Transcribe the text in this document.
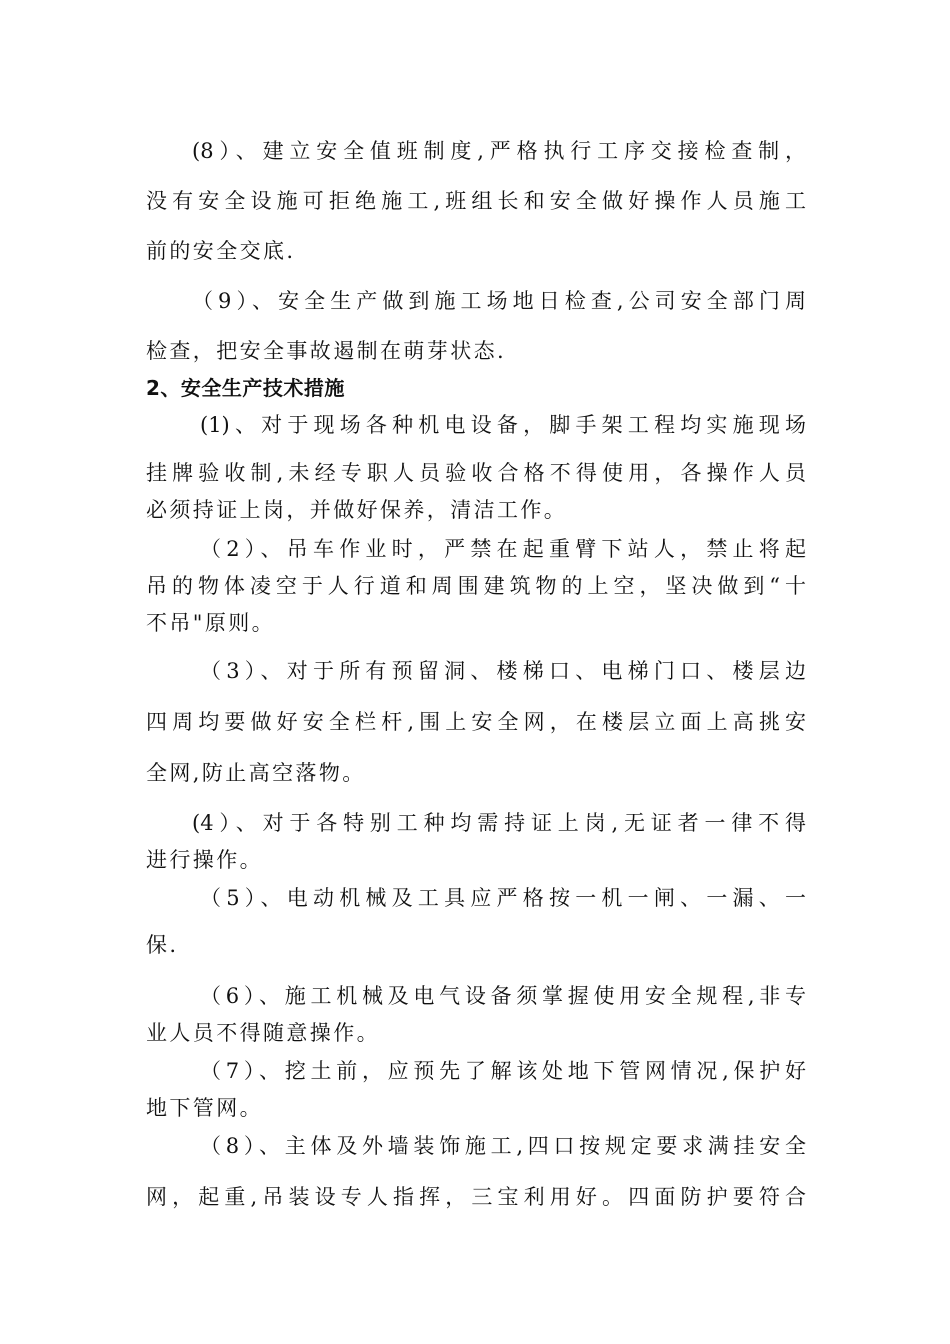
(8）、建立安全值班制度,严格执行工序交接检查制，
没有安全设施可拒绝施工,班组长和安全做好操作人员施工
前的安全交底.
（9）、安全生产做到施工场地日检查,公司安全部门周
检查，把安全事故遏制在萌芽状态.
2、安全生产技术措施
(1)、对于现场各种机电设备，脚手架工程均实施现场
挂牌验收制,未经专职人员验收合格不得使用，各操作人员
必须持证上岗，并做好保养，清洁工作。
（2）、吊车作业时，严禁在起重臂下站人，禁止将起
吊的物体凌空于人行道和周围建筑物的上空，坚决做到“十
不吊"原则。
（3）、对于所有预留洞、楼梯口、电梯门口、楼层边
四周均要做好安全栏杆,围上安全网，在楼层立面上高挑安
全网,防止高空落物。
(4）、对于各特别工种均需持证上岗,无证者一律不得
进行操作。
（5）、电动机械及工具应严格按一机一闸、一漏、一
保.
（6）、施工机械及电气设备须掌握使用安全规程,非专
业人员不得随意操作。
（7）、挖土前，应预先了解该处地下管网情况,保护好
地下管网。
（8）、主体及外墙装饰施工,四口按规定要求满挂安全
网，起重,吊装设专人指挥，三宝利用好。四面防护要符合
